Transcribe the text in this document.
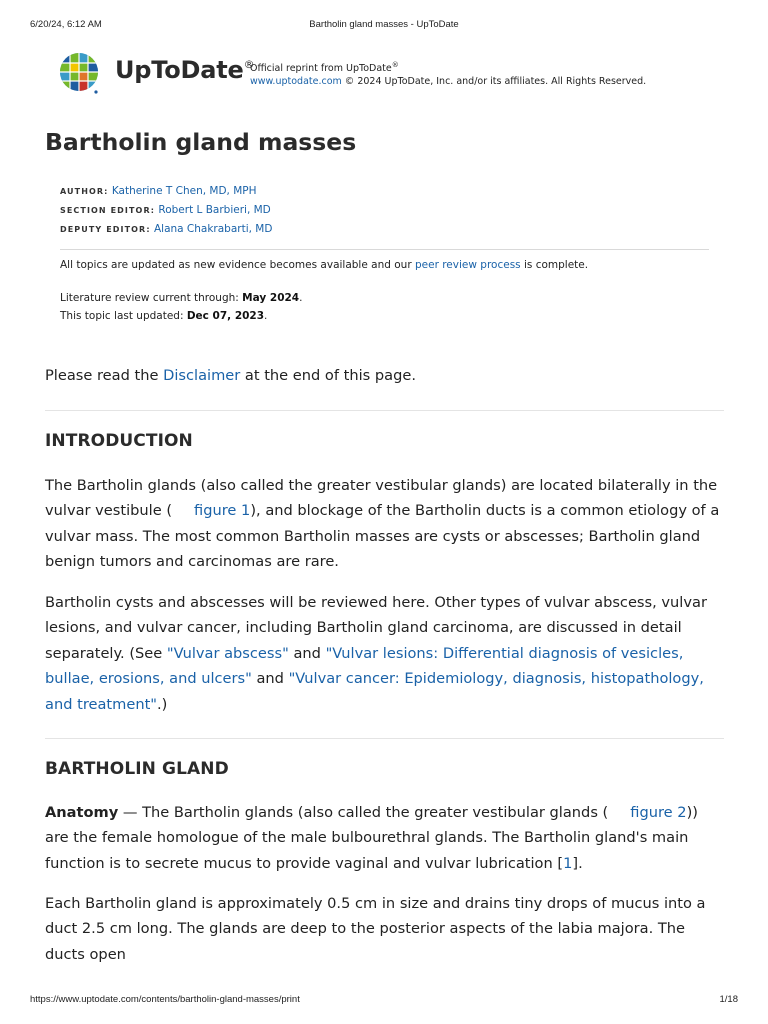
6/20/24, 6:12 AM	Bartholin gland masses - UpToDate
UpToDate®
Official reprint from UpToDate®
www.uptodate.com © 2024 UpToDate, Inc. and/or its affiliates. All Rights Reserved.
Bartholin gland masses
AUTHOR: Katherine T Chen, MD, MPH
SECTION EDITOR: Robert L Barbieri, MD
DEPUTY EDITOR: Alana Chakrabarti, MD
All topics are updated as new evidence becomes available and our peer review process is complete.
Literature review current through: May 2024.
This topic last updated: Dec 07, 2023.

Please read the Disclaimer at the end of this page.

INTRODUCTION

The Bartholin glands (also called the greater vestibular glands) are located bilaterally in the vulvar vestibule ( figure 1), and blockage of the Bartholin ducts is a common etiology of a vulvar mass. The most common Bartholin masses are cysts or abscesses; Bartholin gland benign tumors and carcinomas are rare.

Bartholin cysts and abscesses will be reviewed here. Other types of vulvar abscess, vulvar lesions, and vulvar cancer, including Bartholin gland carcinoma, are discussed in detail separately. (See "Vulvar abscess" and "Vulvar lesions: Differential diagnosis of vesicles, bullae, erosions, and ulcers" and "Vulvar cancer: Epidemiology, diagnosis, histopathology, and treatment".)

BARTHOLIN GLAND

Anatomy — The Bartholin glands (also called the greater vestibular glands ( figure 2)) are the female homologue of the male bulbourethral glands. The Bartholin gland's main function is to secrete mucus to provide vaginal and vulvar lubrication [1].

Each Bartholin gland is approximately 0.5 cm in size and drains tiny drops of mucus into a duct 2.5 cm long. The glands are deep to the posterior aspects of the labia majora. The ducts open

https://www.uptodate.com/contents/bartholin-gland-masses/print	1/18
